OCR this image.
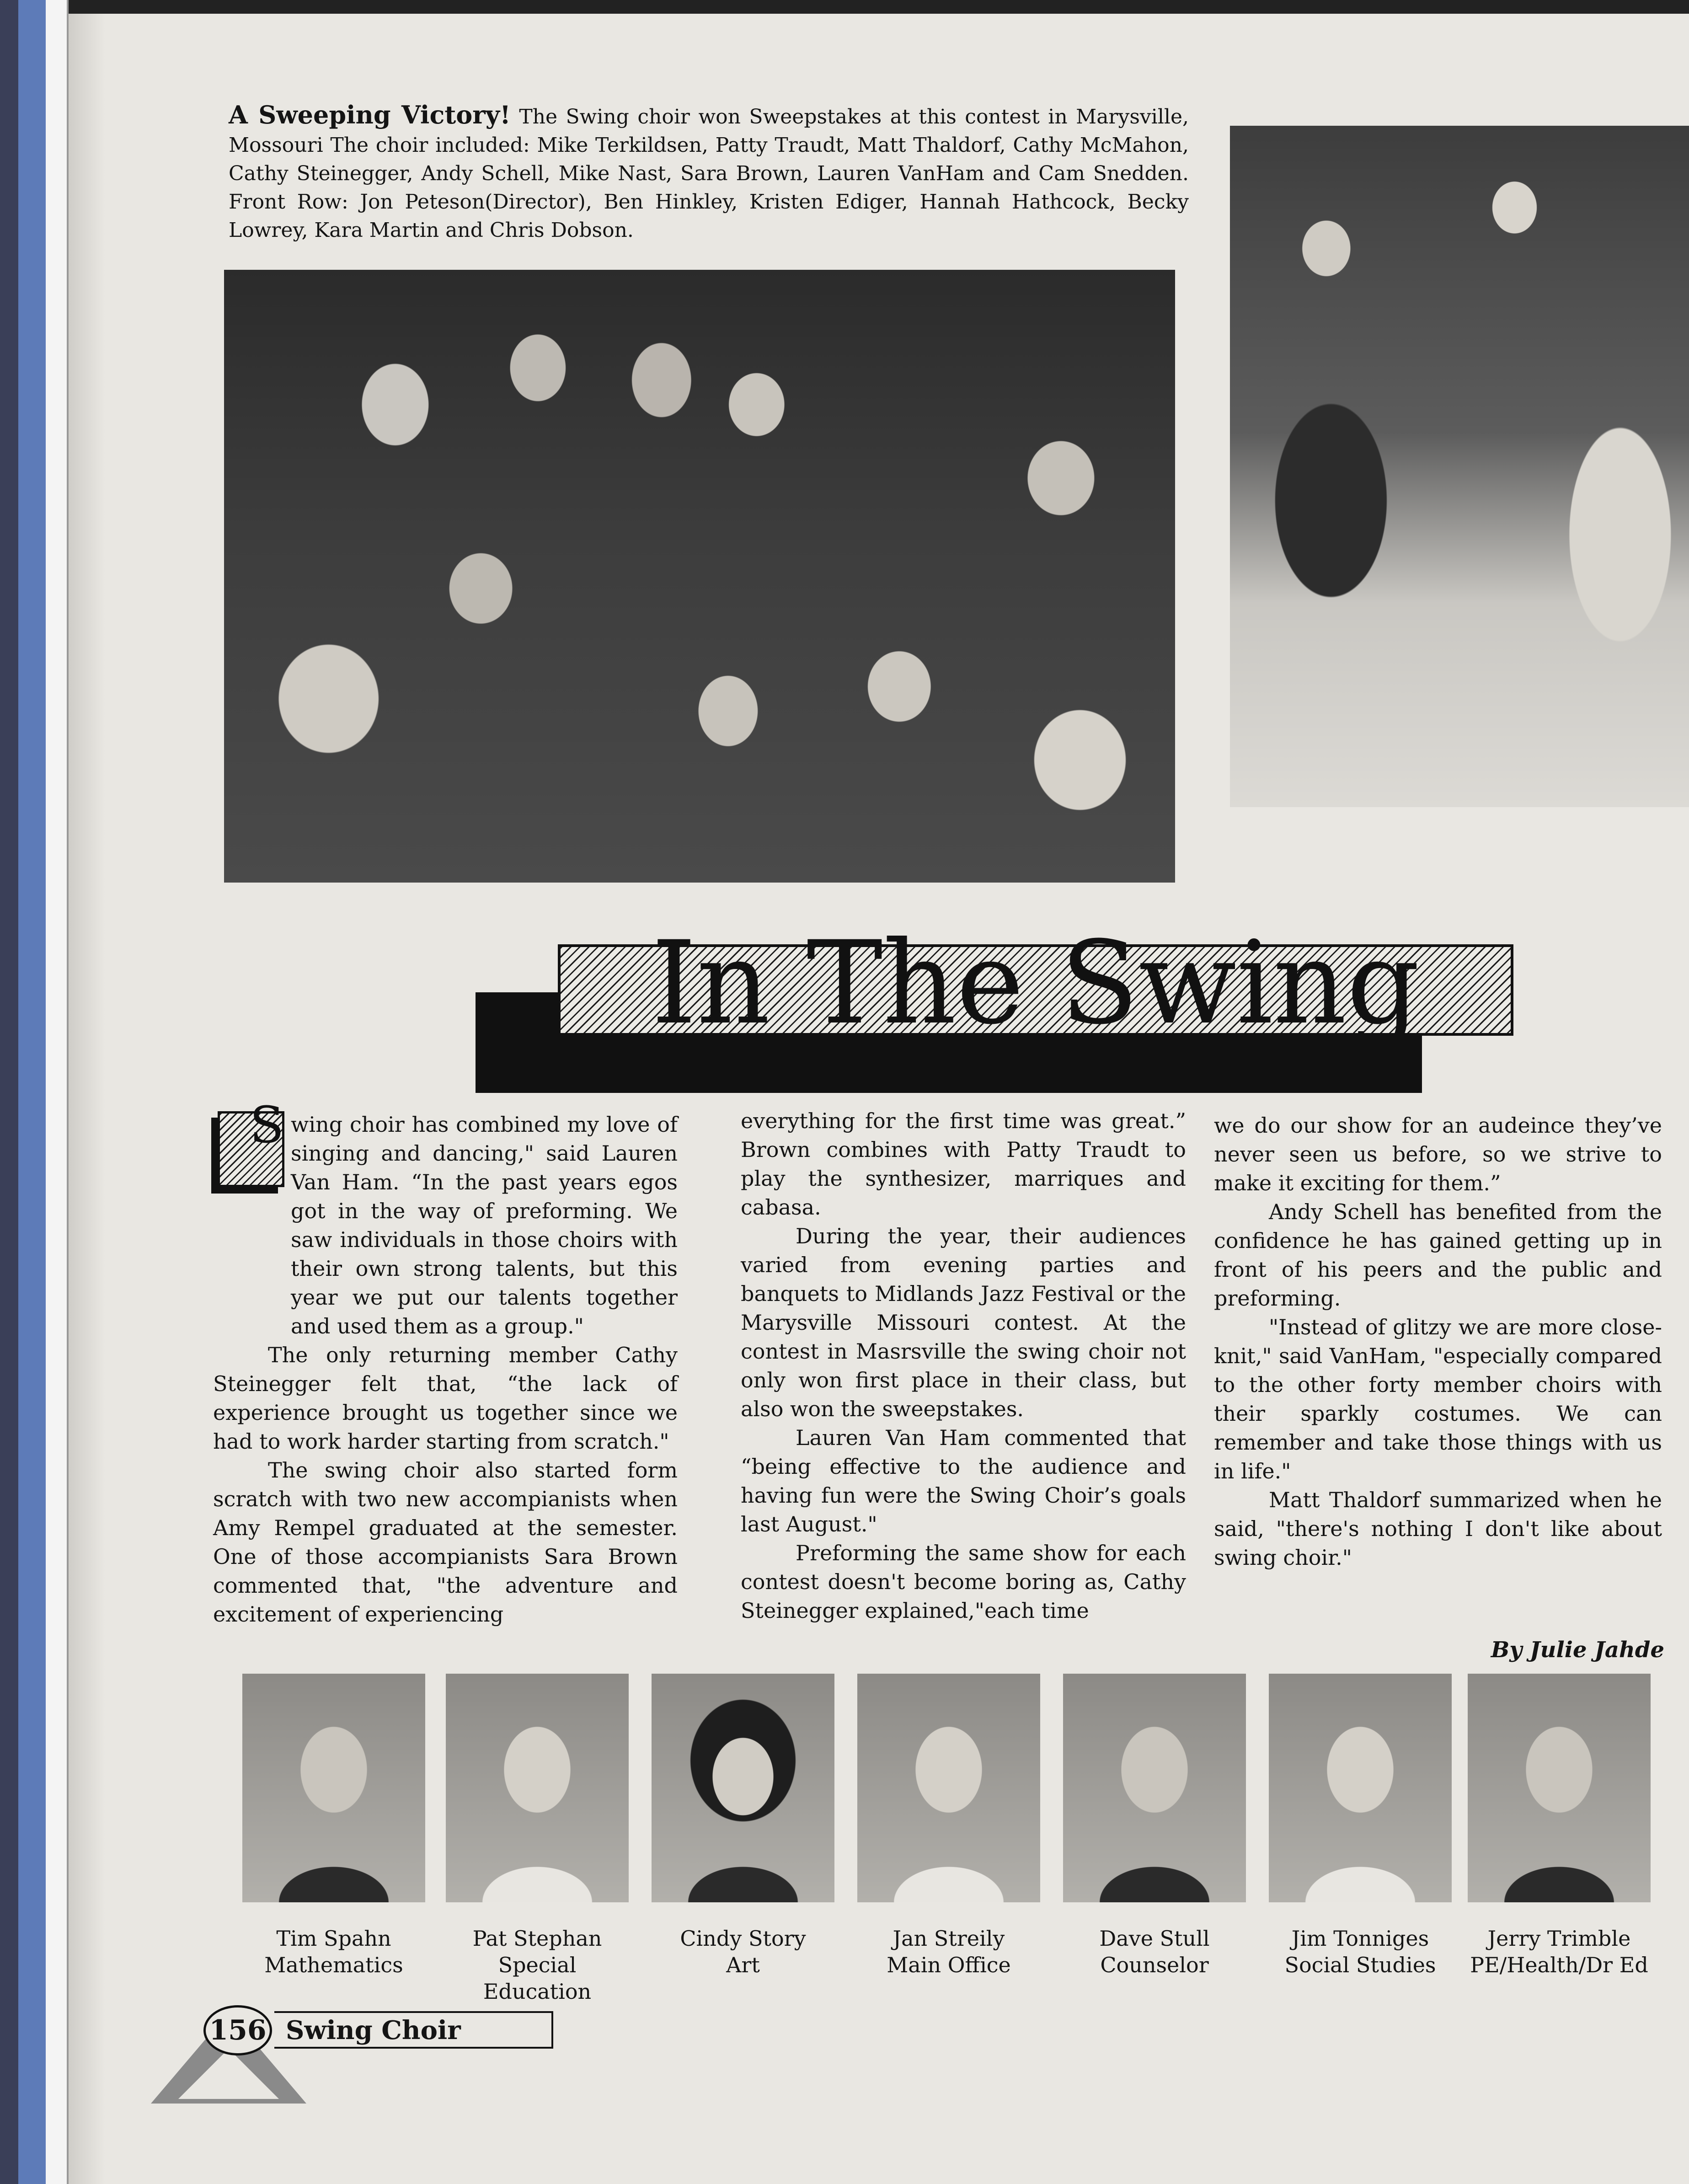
A Sweeping Victory! The Swing choir won Sweepstakes at this contest in Marysville, Mossouri The choir included: Mike Terkildsen, Patty Traudt, Matt Thaldorf, Cathy McMahon, Cathy Steinegger, Andy Schell, Mike Nast, Sara Brown, Lauren VanHam and Cam Snedden. Front Row: Jon Peteson(Director), Ben Hinkley, Kristen Ediger, Hannah Hathcock, Becky Lowrey, Kara Martin and Chris Dobson.
In The Swing
S wing choir has combined my love of singing and dancing," said Lauren Van Ham. “In the past years egos got in the way of preforming. We saw individuals in those choirs with their own strong talents, but this year we put our talents together and used them as a group."

The only returning member Cathy Steinegger felt that, “the lack of experience brought us together since we had to work harder starting from scratch."

The swing choir also started form scratch with two new accompianists when Amy Rempel graduated at the semester. One of those accompianists Sara Brown commented that, "the adventure and excitement of experiencing

everything for the first time was great.” Brown combines with Patty Traudt to play the synthesizer, marriques and cabasa.

During the year, their audiences varied from evening parties and banquets to Midlands Jazz Festival or the Marysville Missouri contest. At the contest in Masrsville the swing choir not only won first place in their class, but also won the sweepstakes.

Lauren Van Ham commented that “being effective to the audience and having fun were the Swing Choir’s goals last August."

Preforming the same show for each contest doesn't become boring as, Cathy Steinegger explained,"each time

we do our show for an audeince they’ve never seen us before, so we strive to make it exciting for them.”

Andy Schell has benefited from the confidence he has gained getting up in front of his peers and the public and preforming.

"Instead of glitzy we are more close-knit," said VanHam, "especially compared to the other forty member choirs with their sparkly costumes. We can remember and take those things with us in life."

Matt Thaldorf summarized when he said, "there's nothing I don't like about swing choir."

By Julie Jahde
Tim Spahn
Mathematics
Pat Stephan
Special Education
Cindy Story
Art
Jan Streily
Main Office
Dave Stull
Counselor
Jim Tonniges
Social Studies
Jerry Trimble
PE/Health/Dr Ed
156 Swing Choir
